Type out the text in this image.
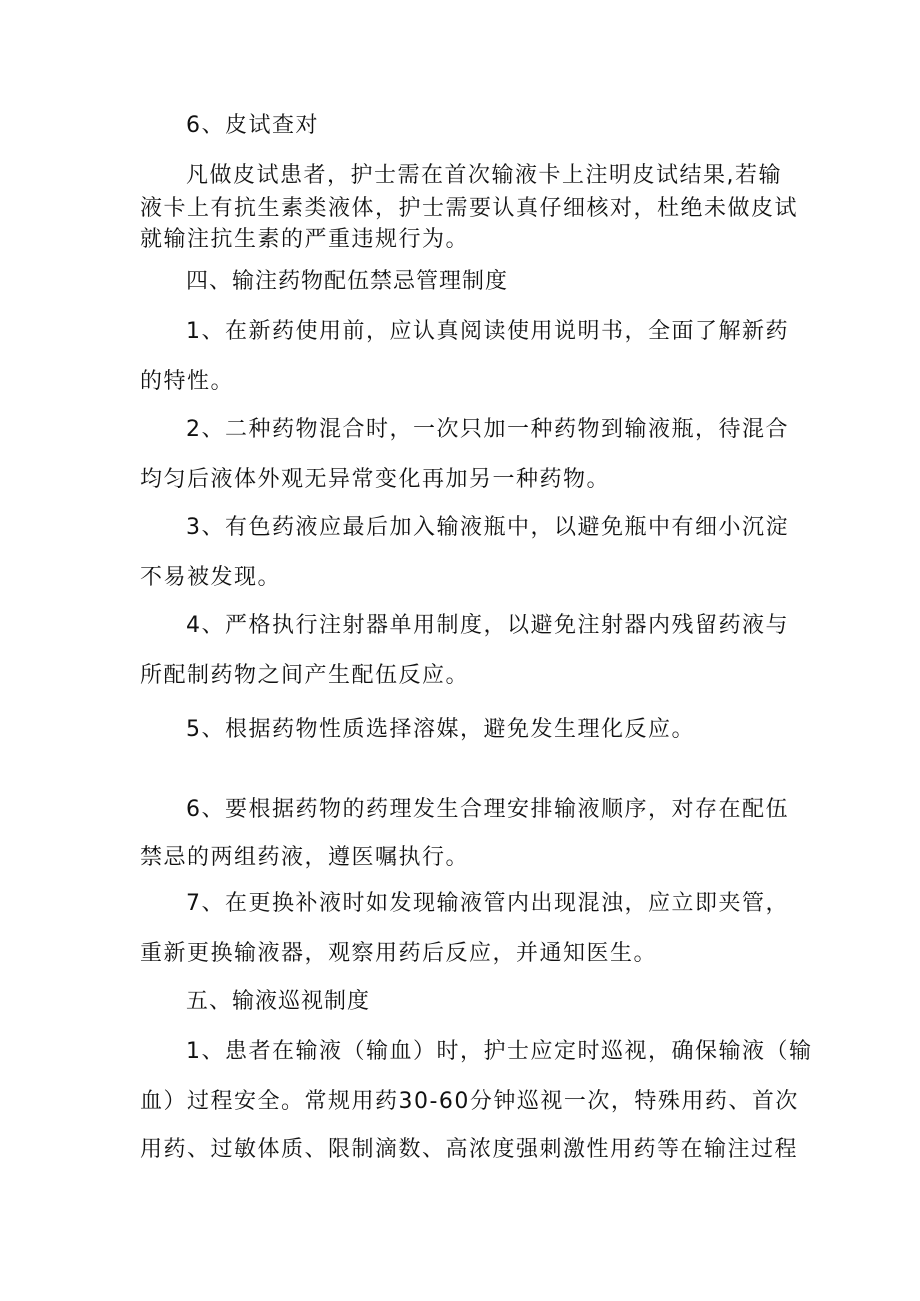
6、皮试查对
凡做皮试患者，护士需在首次输液卡上注明皮试结果,若输
液卡上有抗生素类液体，护士需要认真仔细核对，杜绝未做皮试
就输注抗生素的严重违规行为。
四、输注药物配伍禁忌管理制度
1、在新药使用前，应认真阅读使用说明书，全面了解新药
的特性。
2、二种药物混合时，一次只加一种药物到输液瓶，待混合
均匀后液体外观无异常变化再加另一种药物。
3、有色药液应最后加入输液瓶中，以避免瓶中有细小沉淀
不易被发现。
4、严格执行注射器单用制度，以避免注射器内残留药液与
所配制药物之间产生配伍反应。
5、根据药物性质选择溶媒，避免发生理化反应。
6、要根据药物的药理发生合理安排输液顺序，对存在配伍
禁忌的两组药液，遵医嘱执行。
7、在更换补液时如发现输液管内出现混浊，应立即夹管，
重新更换输液器，观察用药后反应，并通知医生。
五、输液巡视制度
1、患者在输液（输血）时，护士应定时巡视，确保输液（输
血）过程安全。常规用药30-60分钟巡视一次，特殊用药、首次
用药、过敏体质、限制滴数、高浓度强刺激性用药等在输注过程
